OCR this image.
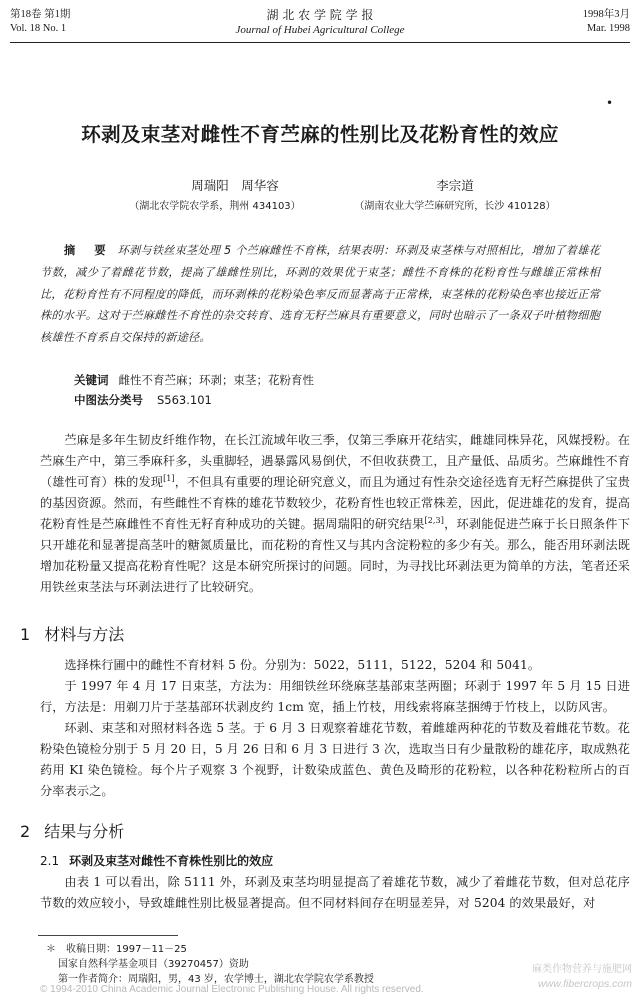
第18卷 第1期
Vol. 18 No. 1
湖 北 农 学 院 学 报
Journal of Hubei Agricultural College
1998年3月
Mar. 1998
•
环剥及束茎对雌性不育苎麻的性别比及花粉育性的效应
周瑞阳　周华容
（湖北农学院农学系，荆州 434103）
李宗道
（湖南农业大学苎麻研究所，长沙 410128）
摘　要 环剥与铁丝束茎处理 5 个苎麻雌性不育株，结果表明：环剥及束茎株与对照相比，增加了着雄花节数，减少了着雌花节数，提高了雄雌性别比，环剥的效果优于束茎；雌性不育株的花粉育性与雌雄正常株相比，花粉育性有不同程度的降低，而环剥株的花粉染色率反而显著高于正常株，束茎株的花粉染色率也接近正常株的水平。这对于苎麻雌性不育性的杂交转育、选育无籽苎麻具有重要意义，同时也暗示了一条双子叶植物细胞核雄性不育系自交保持的新途径。
关键词 雌性不育苎麻；环剥；束茎；花粉育性
中图法分类号 S563.101
苎麻是多年生韧皮纤维作物，在长江流域年收三季，仅第三季麻开花结实，雌雄同株异花，风媒授粉。在苎麻生产中，第三季麻秆多，头重脚轻，遇暴露风易倒伏，不但收获费工，且产量低、品质劣。苎麻雌性不育（雄性可育）株的发现[1]，不但具有重要的理论研究意义，而且为通过有性杂交途径选育无籽苎麻提供了宝贵的基因资源。然而，有些雌性不育株的雄花节数较少，花粉育性也较正常株差，因此，促进雄花的发育，提高花粉育性是苎麻雌性不育性无籽育种成功的关键。据周瑞阳的研究结果[2,3]，环剥能促进苎麻于长日照条件下只开雄花和显著提高茎叶的糖氮质量比，而花粉的育性又与其内含淀粉粒的多少有关。那么，能否用环剥法既增加花粉量又提高花粉育性呢？这是本研究所探讨的问题。同时，为寻找比环剥法更为简单的方法，笔者还采用铁丝束茎法与环剥法进行了比较研究。
1 材料与方法
选择株行圃中的雌性不育材料 5 份。分别为：5022，5111，5122，5204 和 5041。
于 1997 年 4 月 17 日束茎，方法为：用细铁丝环绕麻茎基部束茎两圈；环剥于 1997 年 5 月 15 日进行，方法是：用剃刀片于茎基部环状剥皮约 1cm 宽，插上竹枝，用线索将麻茎捆缚于竹枝上，以防风害。
环剥、束茎和对照材料各选 5 茎。于 6 月 3 日观察着雄花节数，着雌雄两种花的节数及着雌花节数。花粉染色镜检分别于 5 月 20 日，5 月 26 日和 6 月 3 日进行 3 次，选取当日有少量散粉的雄花序，取成熟花药用 KI 染色镜检。每个片子观察 3 个视野，计数染成蓝色、黄色及畸形的花粉粒，以各种花粉粒所占的百分率表示之。
2 结果与分析
2.1 环剥及束茎对雌性不育株性别比的效应
由表 1 可以看出，除 5111 外，环剥及束茎均明显提高了着雄花节数，减少了着雌花节数，但对总花序节数的效应较小，导致雄雌性别比极显著提高。但不同材料间存在明显差异，对 5204 的效果最好，对
＊　收稿日期：1997－11－25
国家自然科学基金项目（39270457）资助
第一作者简介：周瑞阳，男，43 岁，农学博士，湖北农学院农学系教授
© 1994-2010 China Academic Journal Electronic Publishing House. All rights reserved.
麻类作物营养与施肥网
www.fibercrops.com
